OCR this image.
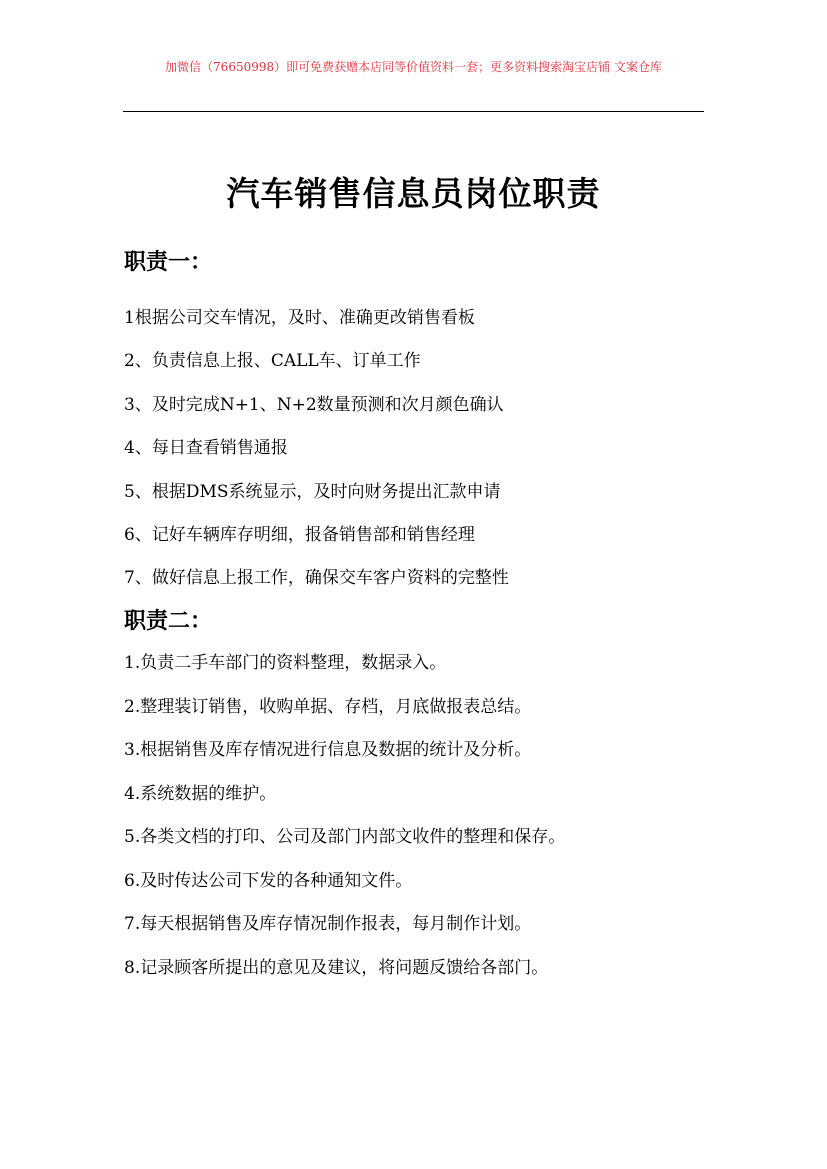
加微信（76650998）即可免费获赠本店同等价值资料一套；更多资料搜索淘宝店铺 文案仓库
汽车销售信息员岗位职责
职责一：
1根据公司交车情况，及时、准确更改销售看板
2、负责信息上报、CALL车、订单工作
3、及时完成N+1、N+2数量预测和次月颜色确认
4、每日查看销售通报
5、根据DMS系统显示，及时向财务提出汇款申请
6、记好车辆库存明细，报备销售部和销售经理
7、做好信息上报工作，确保交车客户资料的完整性
职责二：
1.负责二手车部门的资料整理，数据录入。
2.整理装订销售，收购单据、存档，月底做报表总结。
3.根据销售及库存情况进行信息及数据的统计及分析。
4.系统数据的维护。
5.各类文档的打印、公司及部门内部文收件的整理和保存。
6.及时传达公司下发的各种通知文件。
7.每天根据销售及库存情况制作报表，每月制作计划。
8.记录顾客所提出的意见及建议，将问题反馈给各部门。
